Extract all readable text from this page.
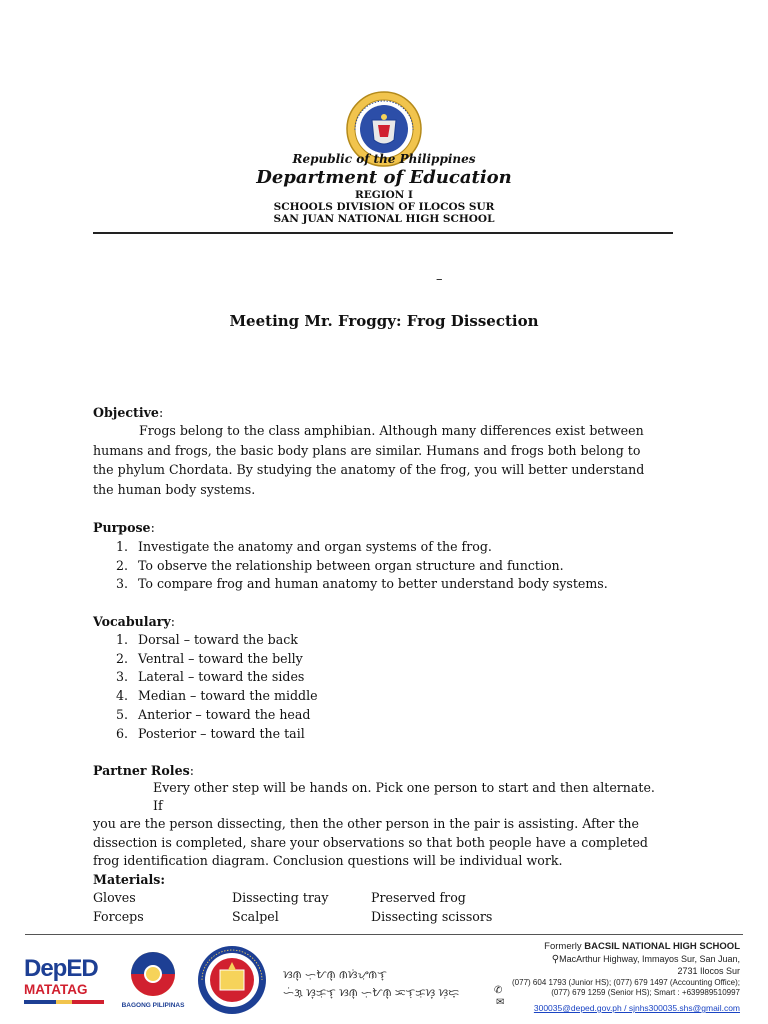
Republic of the Philippines
Department of Education
REGION I
SCHOOLS DIVISION OF ILOCOS SUR
SAN JUAN NATIONAL HIGH SCHOOL
–
Meeting Mr. Froggy: Frog Dissection
Objective:
Frogs belong to the class amphibian. Although many differences exist between
humans and frogs, the basic body plans are similar. Humans and frogs both belong to
the phylum Chordata. By studying the anatomy of the frog, you will better understand
the human body systems.
Purpose:
1. Investigate the anatomy and organ systems of the frog.
2. To observe the relationship between organ structure and function.
3. To compare frog and human anatomy to better understand body systems.
Vocabulary:
1. Dorsal – toward the back
2. Ventral – toward the belly
3. Lateral – toward the sides
4. Median – toward the middle
5. Anterior – toward the head
6. Posterior – toward the tail
Partner Roles:
Every other step will be hands on. Pick one person to start and then alternate. If
you are the person dissecting, then the other person in the pair is assisting. After the
dissection is completed, share your observations so that both people have a completed
frog identification diagram. Conclusion questions will be individual work.
Materials:
Gloves	Dissecting tray	Preserved frog
Forceps	Scalpel	Dissecting scissors
DepED
MATATAG
BAGONG PILIPINAS
ᜐᜈ᜔ ᜑᜓᜀᜈ᜔ ᜈᜐᜒᜌᜓᜈᜎ᜔
ᜑᜒᜄ᜔ ᜐ᜔ᜃᜓᜎ᜔ ᜐᜈ᜔ ᜑᜓᜀᜈ᜔ ᜁᜎᜓᜃᜓᜐ᜔ ᜐᜓᜇ᜔
Formerly BACSIL NATIONAL HIGH SCHOOL
⚲MacArthur Highway, Immayos Sur, San Juan,
2731 Ilocos Sur
(077) 604 1793 (Junior HS); (077) 679 1497 (Accounting Office);
✆	(077) 679 1259 (Senior HS); Smart : +639989510997
✉	300035@deped.gov.ph / sjnhs300035.shs@gmail.com
